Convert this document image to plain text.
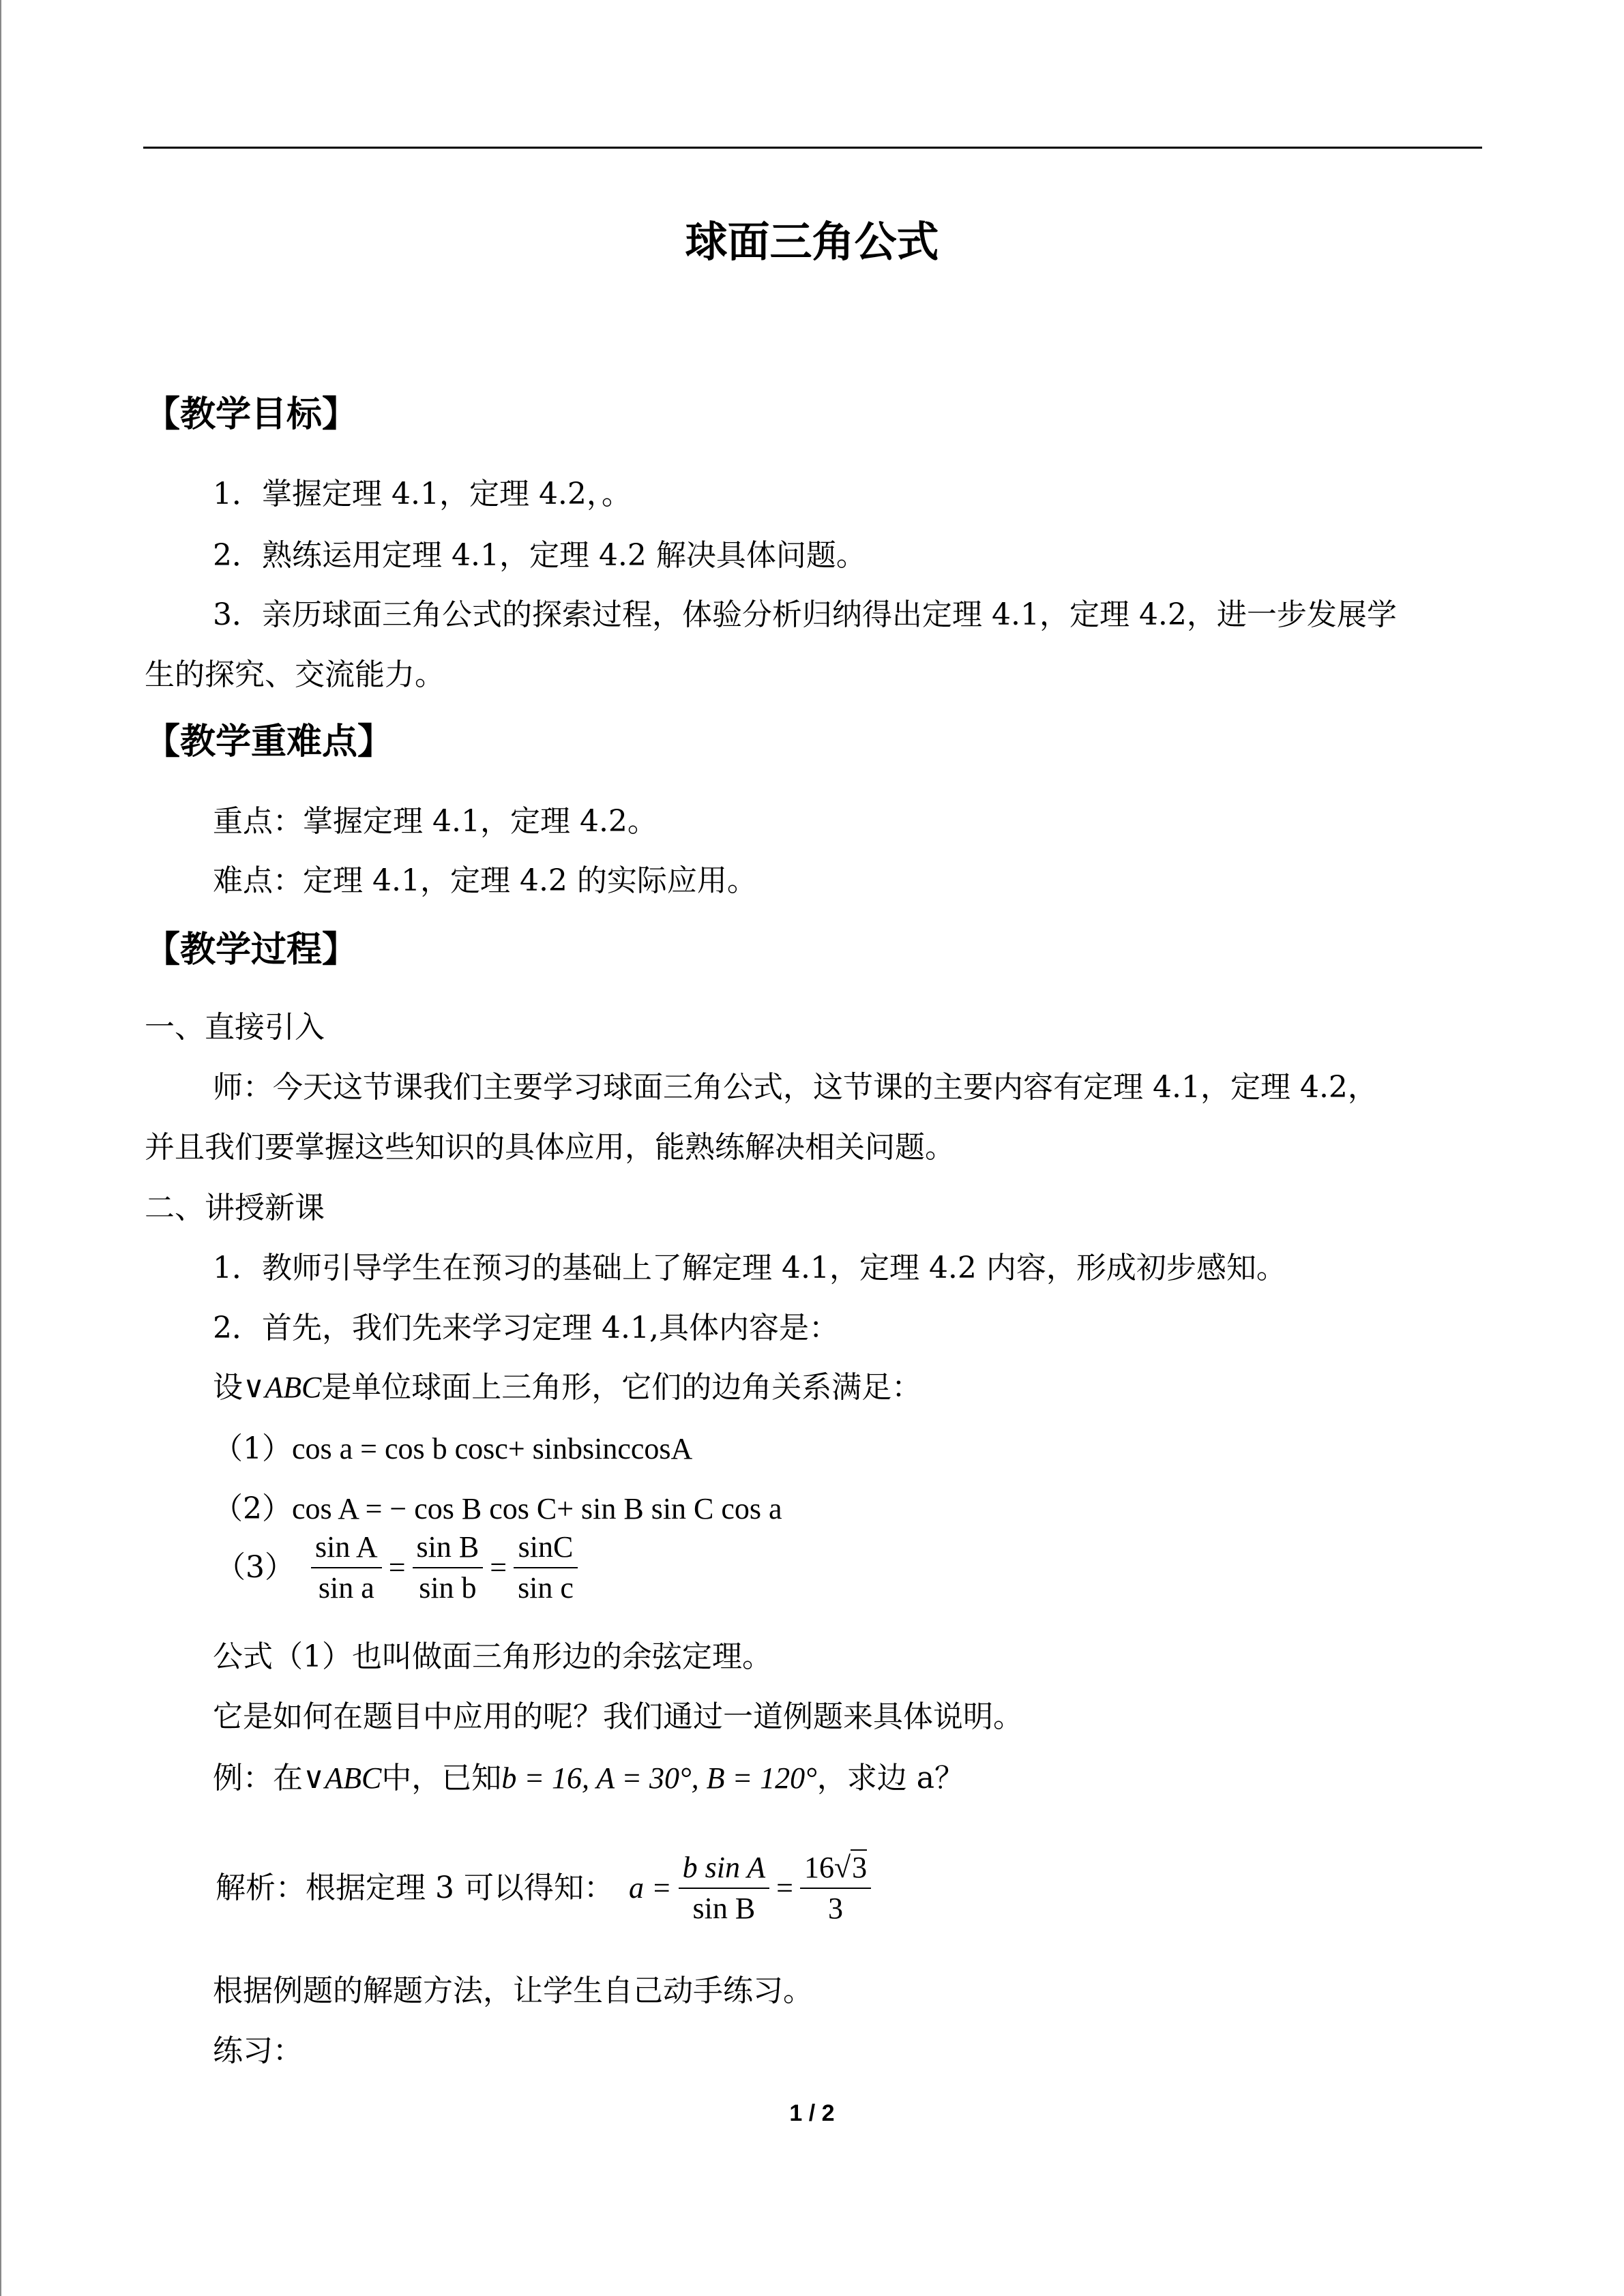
球面三角公式
【教学目标】
1．掌握定理 4.1，定理 4.2，。
2．熟练运用定理 4.1，定理 4.2 解决具体问题。
3．亲历球面三角公式的探索过程，体验分析归纳得出定理 4.1，定理 4.2，进一步发展学
生的探究、交流能力。
【教学重难点】
重点：掌握定理 4.1，定理 4.2。
难点：定理 4.1，定理 4.2 的实际应用。
【教学过程】
一、直接引入
师：今天这节课我们主要学习球面三角公式，这节课的主要内容有定理 4.1，定理 4.2，
并且我们要掌握这些知识的具体应用，能熟练解决相关问题。
二、讲授新课
1．教师引导学生在预习的基础上了解定理 4.1，定理 4.2 内容，形成初步感知。
2．首先，我们先来学习定理 4.1,具体内容是：
设∨ABC是单位球面上三角形，它们的边角关系满足：
（1）cos a = cos b cosc+ sinbsinccosA
（2）cos A = − cos B cos C+ sin B sin C cos a
$(3) \frac{\text{sin A}}{\text{sin a}} = \frac{\text{sin B}}{\text{sin b}} = \frac{\sin C}{\text{sin c}}$
公式（1）也叫做面三角形边的余弦定理。
它是如何在题目中应用的呢？我们通过一道例题来具体说明。
例：在∨ABC中，已知b = 16, A = 30°, B = 120°，求边 a？
解析：根据定理 3 可以得知： $a = \frac{\text{b sin A}}{\text{sin B}} = \frac{16√3}{3}$
根据例题的解题方法，让学生自己动手练习。
练习：
1 / 2
